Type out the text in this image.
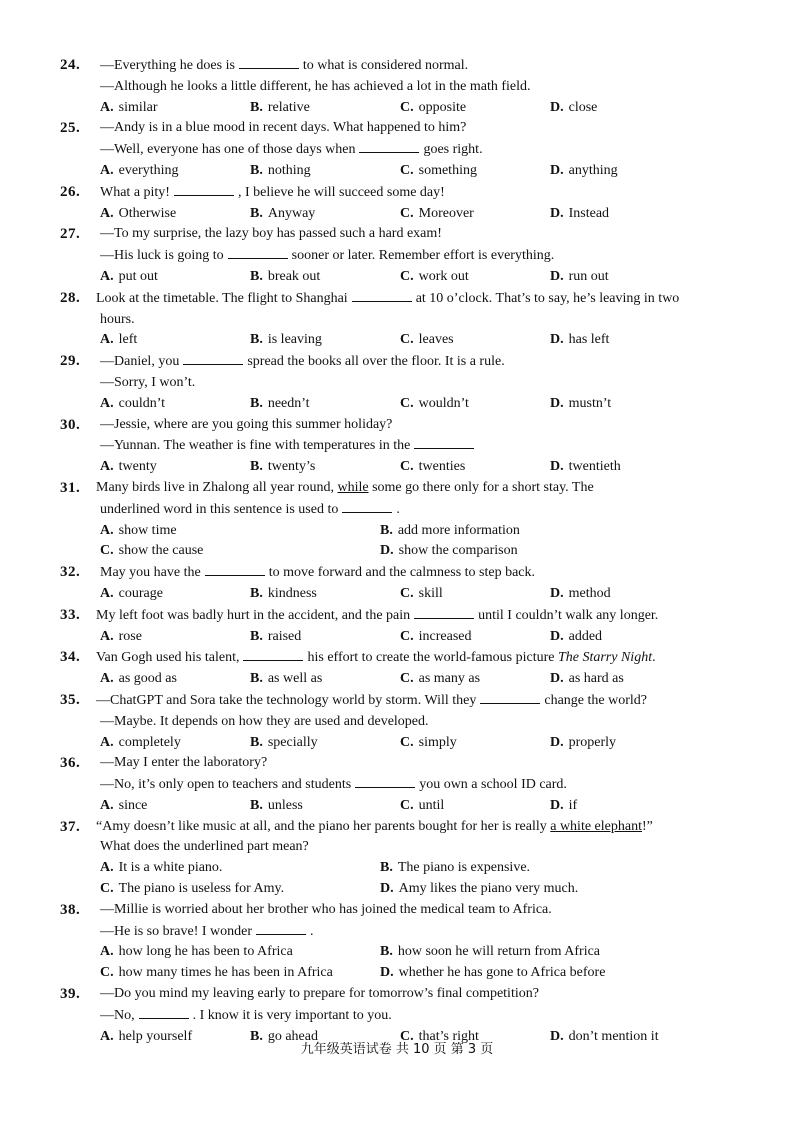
24. —Everything he does is	to what is considered normal.
—Although he looks a little different, he has achieved a lot in the math field.
A. similar	B. relative	C. opposite	D. close
25. —Andy is in a blue mood in recent days. What happened to him?
—Well, everyone has one of those days when	goes right.
A. everything	B. nothing	C. something	D. anything
26. What a pity!	, I believe he will succeed some day!
A. Otherwise	B. Anyway	C. Moreover	D. Instead
27. —To my surprise, the lazy boy has passed such a hard exam!
—His luck is going to	sooner or later. Remember effort is everything.
A. put out	B. break out	C. work out	D. run out
28. Look at the timetable. The flight to Shanghai	at 10 o’clock. That’s to say, he’s leaving in two
hours.
A. left	B. is leaving	C. leaves	D. has left
29. —Daniel, you	spread the books all over the floor. It is a rule.
—Sorry, I won’t.
A. couldn’t	B. needn’t	C. wouldn’t	D. mustn’t
30. —Jessie, where are you going this summer holiday?
—Yunnan. The weather is fine with temperatures in the
A. twenty	B. twenty’s	C. twenties	D. twentieth
31. Many birds live in Zhalong all year round, while some go there only for a short stay. The
underlined word in this sentence is used to	.
A. show time	B. add more information
C. show the cause	D. show the comparison
32. May you have the	to move forward and the calmness to step back.
A. courage	B. kindness	C. skill	D. method
33. My left foot was badly hurt in the accident, and the pain	until I couldn’t walk any longer.
A. rose	B. raised	C. increased	D. added
34. Van Gogh used his talent,	his effort to create the world-famous picture The Starry Night.
A. as good as	B. as well as	C. as many as	D. as hard as
35. —ChatGPT and Sora take the technology world by storm. Will they	change the world?
—Maybe. It depends on how they are used and developed.
A. completely	B. specially	C. simply	D. properly
36. —May I enter the laboratory?
—No, it’s only open to teachers and students	you own a school ID card.
A. since	B. unless	C. until	D. if
37. “Amy doesn’t like music at all, and the piano her parents bought for her is really a white elephant!”
What does the underlined part mean?
A. It is a white piano.	B. The piano is expensive.
C. The piano is useless for Amy.	D. Amy likes the piano very much.
38. —Millie is worried about her brother who has joined the medical team to Africa.
—He is so brave! I wonder	.
A. how long he has been to Africa	B. how soon he will return from Africa
C. how many times he has been in Africa	D. whether he has gone to Africa before
39. —Do you mind my leaving early to prepare for tomorrow’s final competition?
—No,	. I know it is very important to you.
A. help yourself	B. go ahead	C. that’s right	D. don’t mention it
九年级英语试卷 共 10 页 第 3 页
